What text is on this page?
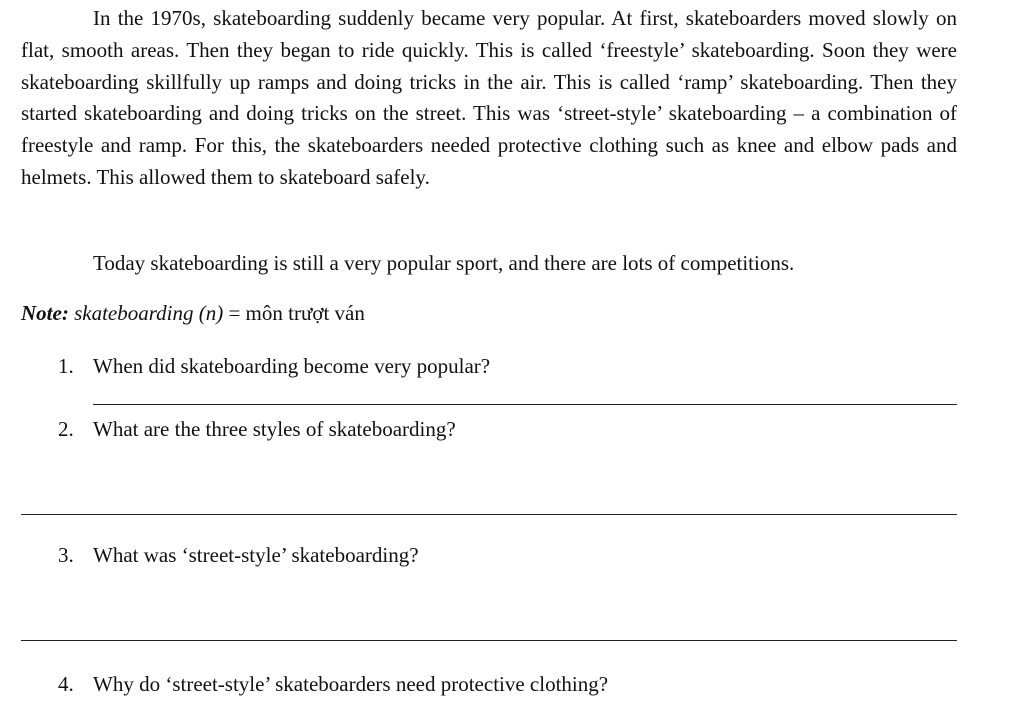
In the 1970s, skateboarding suddenly became very popular. At first, skateboarders moved slowly on flat, smooth areas. Then they began to ride quickly. This is called ‘freestyle’ skateboarding. Soon they were skateboarding skillfully up ramps and doing tricks in the air. This is called ‘ramp’ skateboarding. Then they started skateboarding and doing tricks on the street. This was ‘street-style’ skateboarding – a combination of freestyle and ramp. For this, the skateboarders needed protective clothing such as knee and elbow pads and helmets. This allowed them to skateboard safely.

Today skateboarding is still a very popular sport, and there are lots of competitions.

Note: skateboarding (n) = môn trượt ván

1. When did skateboarding become very popular?

2. What are the three styles of skateboarding?

3. What was ‘street-style’ skateboarding?

4. Why do ‘street-style’ skateboarders need protective clothing?
